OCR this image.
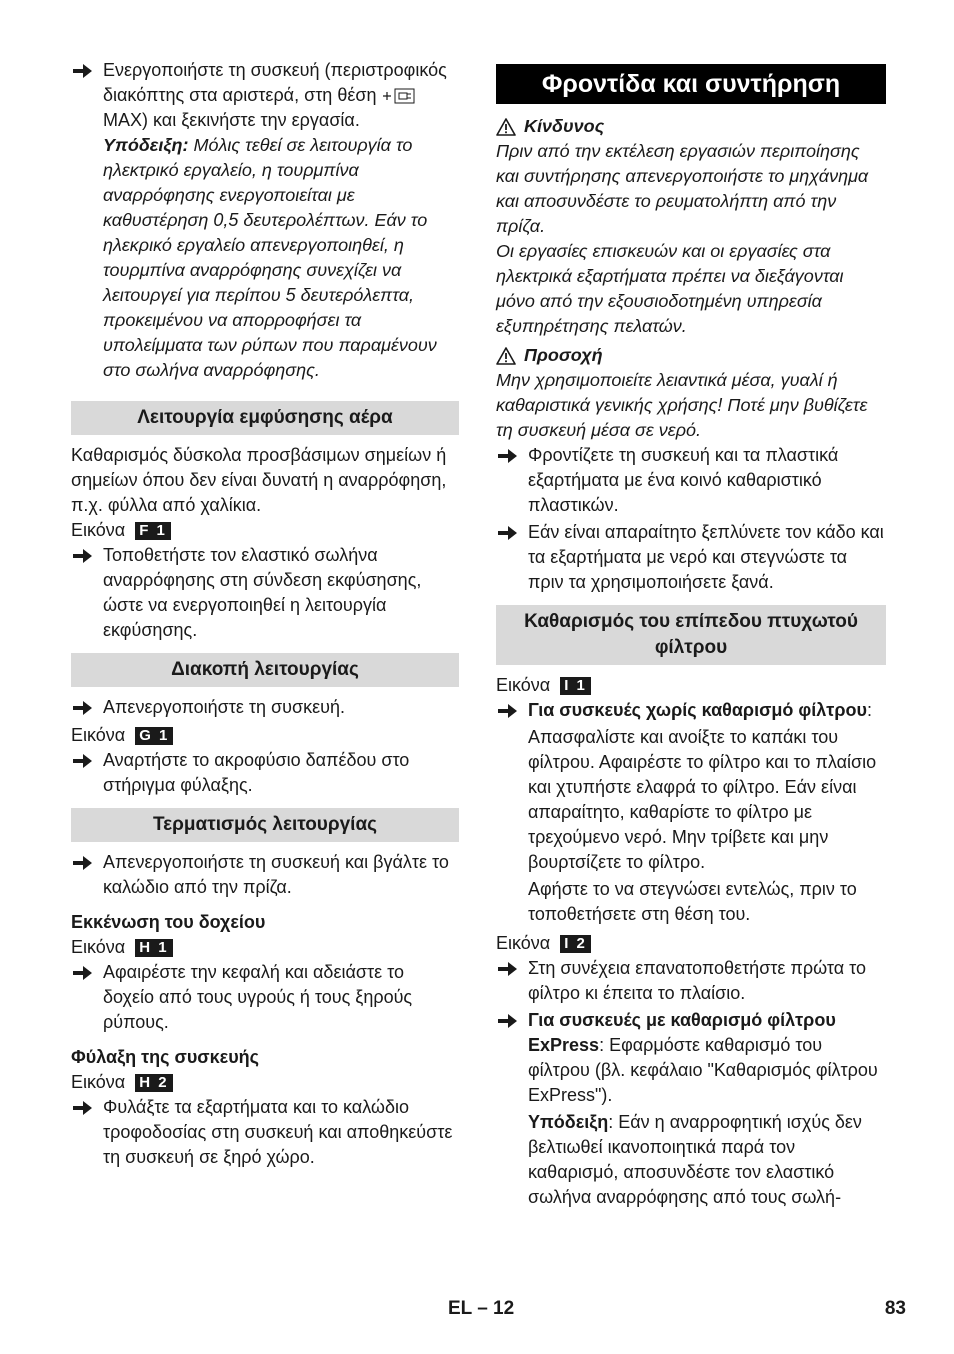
Ενεργοποιήστε τη συσκευή (περιστροφικός διακόπτης στα αριστερά, στη θέση  MAX) και ξεκινήστε την εργασία.

Υπόδειξη: Μόλις τεθεί σε λειτουργία το ηλεκτρικό εργαλείο, η τουρμπίνα αναρρόφησης ενεργοποιείται με καθυστέρηση 0,5 δευτερολέπτων. Εάν το ηλεκρικό εργαλείο απενεργοποιηθεί, η τουρμπίνα αναρρόφησης συνεχίζει να λειτουργεί για περίπου 5 δευτερόλεπτα, προκειμένου να απορροφήσει τα υπολείμματα των ρύπων που παραμένουν στο σωλήνα αναρρόφησης.

Λειτουργία εμφύσησης αέρα

Καθαρισμός δύσκολα προσβάσιμων σημείων ή σημείων όπου δεν είναι δυνατή η αναρρόφηση, π.χ. φύλλα από χαλίκια.

Εικόνα F 1
Τοποθετήστε τον ελαστικό σωλήνα αναρρόφησης στη σύνδεση εκφύσησης, ώστε να ενεργοποιηθεί η λειτουργία εκφύσησης.
Διακοπή λειτουργίας
Απενεργοποιήστε τη συσκευή.
Εικόνα G 1
Αναρτήστε το ακροφύσιο δαπέδου στο στήριγμα φύλαξης.
Τερματισμός λειτουργίας
Απενεργοποιήστε τη συσκευή και βγάλτε το καλώδιο από την πρίζα.

Εκκένωση του δοχείου

Εικόνα H 1
Αφαιρέστε την κεφαλή και αδειάστε το δοχείο από τους υγρούς ή τους ξηρούς ρύπους.

Φύλαξη της συσκευής

Εικόνα H 2
Φυλάξτε τα εξαρτήματα και το καλώδιο τροφοδοσίας στη συσκευή και αποθηκεύστε τη συσκευή σε ξηρό χώρο.
Φροντίδα και συντήρηση
Κίνδυνος

Πριν από την εκτέλεση εργασιών περιποίησης και συντήρησης απενεργοποιήστε το μηχάνημα και αποσυνδέστε το ρευματολήπτη από την πρίζα.

Οι εργασίες επισκευών και οι εργασίες στα ηλεκτρικά εξαρτήματα πρέπει να διεξάγονται μόνο από την εξουσιοδοτημένη υπηρεσία εξυπηρέτησης πελατών.

Προσοχή

Μην χρησιμοποιείτε λειαντικά μέσα, γυαλί ή καθαριστικά γενικής χρήσης! Ποτέ μην βυθίζετε τη συσκευή μέσα σε νερό.

Φροντίζετε τη συσκευή και τα πλαστικά εξαρτήματα με ένα κοινό καθαριστικό πλαστικών.
Εάν είναι απαραίτητο ξεπλύνετε τον κάδο και τα εξαρτήματα με νερό και στεγνώστε τα πριν τα χρησιμοποιήσετε ξανά.
Καθαρισμός του επίπεδου πτυχωτού φίλτρου
Εικόνα I 1
Για συσκευές χωρίς καθαρισμό φίλτρου:

Απασφαλίστε και ανοίξτε το καπάκι του φίλτρου. Αφαιρέστε το φίλτρο και το πλαίσιο και χτυπήστε ελαφρά το φίλτρο. Εάν είναι απαραίτητο, καθαρίστε το φίλτρο με τρεχούμενο νερό. Μην τρίβετε και μην βουρτσίζετε το φίλτρο.

Αφήστε το να στεγνώσει εντελώς, πριν το τοποθετήσετε στη θέση του.

Εικόνα I 2
Στη συνέχεια επανατοποθετήστε πρώτα το φίλτρο κι έπειτα το πλαίσιο.
Για συσκευές με καθαρισμό φίλτρου ExPress: Εφαρμόστε καθαρισμό του φίλτρου (βλ. κεφάλαιο "Καθαρισμός φίλτρου ExPress").

Υπόδειξη: Εάν η αναρροφητική ισχύς δεν βελτιωθεί ικανοποιητικά παρά τον καθαρισμό, αποσυνδέστε τον ελαστικό σωλήνα αναρρόφησης από τους σωλή-

EL – 12	83
